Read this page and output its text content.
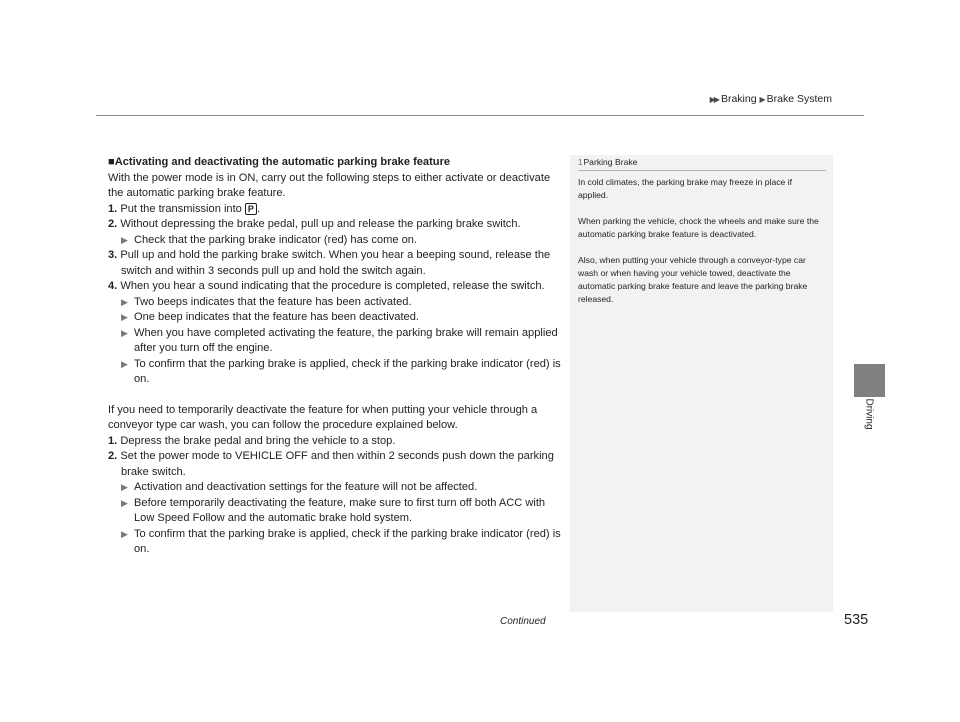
▶▶ Braking ▶ Brake System
Driving

■Activating and deactivating the automatic parking brake feature

With the power mode is in ON, carry out the following steps to either activate or deactivate the automatic parking brake feature.

1. Put the transmission into P .

2. Without depressing the brake pedal, pull up and release the parking brake switch.

▶ Check that the parking brake indicator (red) has come on.

3. Pull up and hold the parking brake switch. When you hear a beeping sound, release the switch and within 3 seconds pull up and hold the switch again.

4. When you hear a sound indicating that the procedure is completed, release the switch.

▶ Two beeps indicates that the feature has been activated.

▶ One beep indicates that the feature has been deactivated.

▶ When you have completed activating the feature, the parking brake will remain applied after you turn off the engine.

▶ To confirm that the parking brake is applied, check if the parking brake indicator (red) is on.

If you need to temporarily deactivate the feature for when putting your vehicle through a conveyor type car wash, you can follow the procedure explained below.

1. Depress the brake pedal and bring the vehicle to a stop.

2. Set the power mode to VEHICLE OFF and then within 2 seconds push down the parking brake switch.

▶ Activation and deactivation settings for the feature will not be affected.

▶ Before temporarily deactivating the feature, make sure to first turn off both ACC with Low Speed Follow and the automatic brake hold system.

▶ To confirm that the parking brake is applied, check if the parking brake indicator (red) is on.

1Parking Brake

In cold climates, the parking brake may freeze in place if applied.

When parking the vehicle, chock the wheels and make sure the automatic parking brake feature is deactivated.

Also, when putting your vehicle through a conveyor-type car wash or when having your vehicle towed, deactivate the automatic parking brake feature and leave the parking brake released.

Continued	535
